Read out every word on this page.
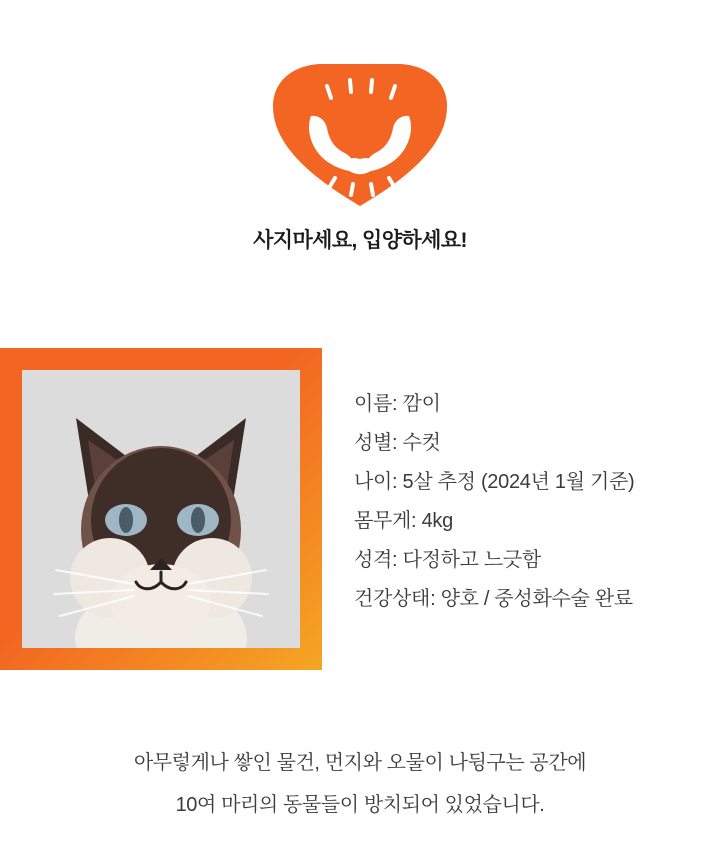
사지마세요, 입양하세요!
이름: 깜이
성별: 수컷
나이: 5살 추정 (2024년 1월 기준)
몸무게: 4kg
성격: 다정하고 느긋함
건강상태: 양호 / 중성화수술 완료
아무렇게나 쌓인 물건, 먼지와 오물이 나뒹구는 공간에
10여 마리의 동물들이 방치되어 있었습니다.
